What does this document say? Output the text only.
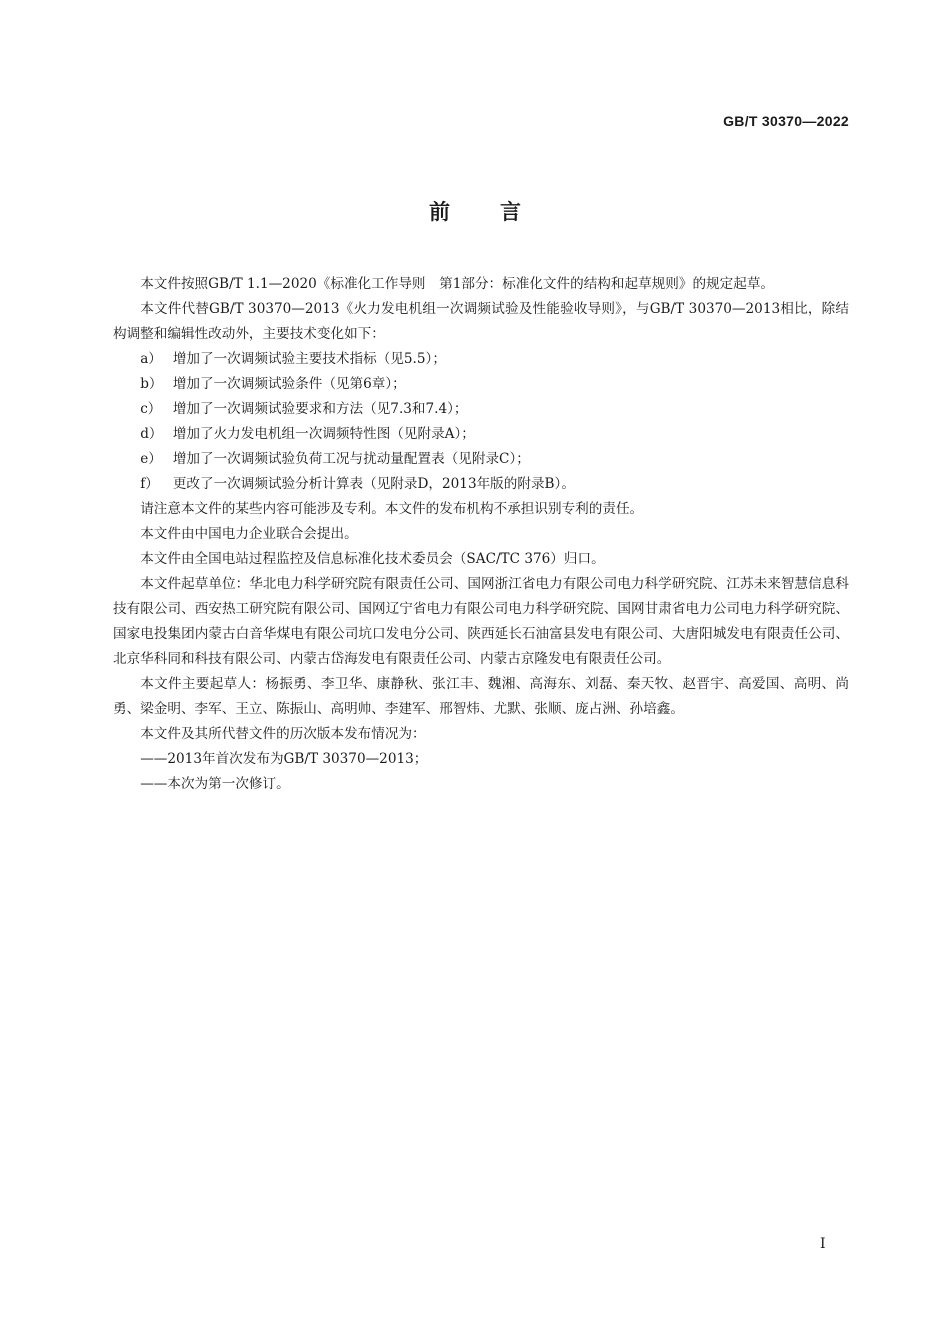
GB/T 30370—2022
前言

本文件按照GB/T 1.1—2020《标准化工作导则　第1部分：标准化文件的结构和起草规则》的规定起草。

本文件代替GB/T 30370—2013《火力发电机组一次调频试验及性能验收导则》，与GB/T 30370—2013相比，除结构调整和编辑性改动外，主要技术变化如下：

a） 增加了一次调频试验主要技术指标（见5.5）；
b） 增加了一次调频试验条件（见第6章）；
c） 增加了一次调频试验要求和方法（见7.3和7.4）；
d） 增加了火力发电机组一次调频特性图（见附录A）；
e） 增加了一次调频试验负荷工况与扰动量配置表（见附录C）；
f）	更改了一次调频试验分析计算表（见附录D，2013年版的附录B）。

请注意本文件的某些内容可能涉及专利。本文件的发布机构不承担识别专利的责任。

本文件由中国电力企业联合会提出。

本文件由全国电站过程监控及信息标准化技术委员会（SAC/TC 376）归口。

本文件起草单位：华北电力科学研究院有限责任公司、国网浙江省电力有限公司电力科学研究院、江苏未来智慧信息科技有限公司、西安热工研究院有限公司、国网辽宁省电力有限公司电力科学研究院、国网甘肃省电力公司电力科学研究院、国家电投集团内蒙古白音华煤电有限公司坑口发电分公司、陕西延长石油富县发电有限公司、大唐阳城发电有限责任公司、北京华科同和科技有限公司、内蒙古岱海发电有限责任公司、内蒙古京隆发电有限责任公司。

本文件主要起草人：杨振勇、李卫华、康静秋、张江丰、魏湘、高海东、刘磊、秦天牧、赵晋宇、高爱国、高明、尚勇、梁金明、李军、王立、陈振山、高明帅、李建军、邢智炜、尤默、张顺、庞占洲、孙培鑫。

本文件及其所代替文件的历次版本发布情况为：

——2013年首次发布为GB/T 30370—2013；

——本次为第一次修订。

I
